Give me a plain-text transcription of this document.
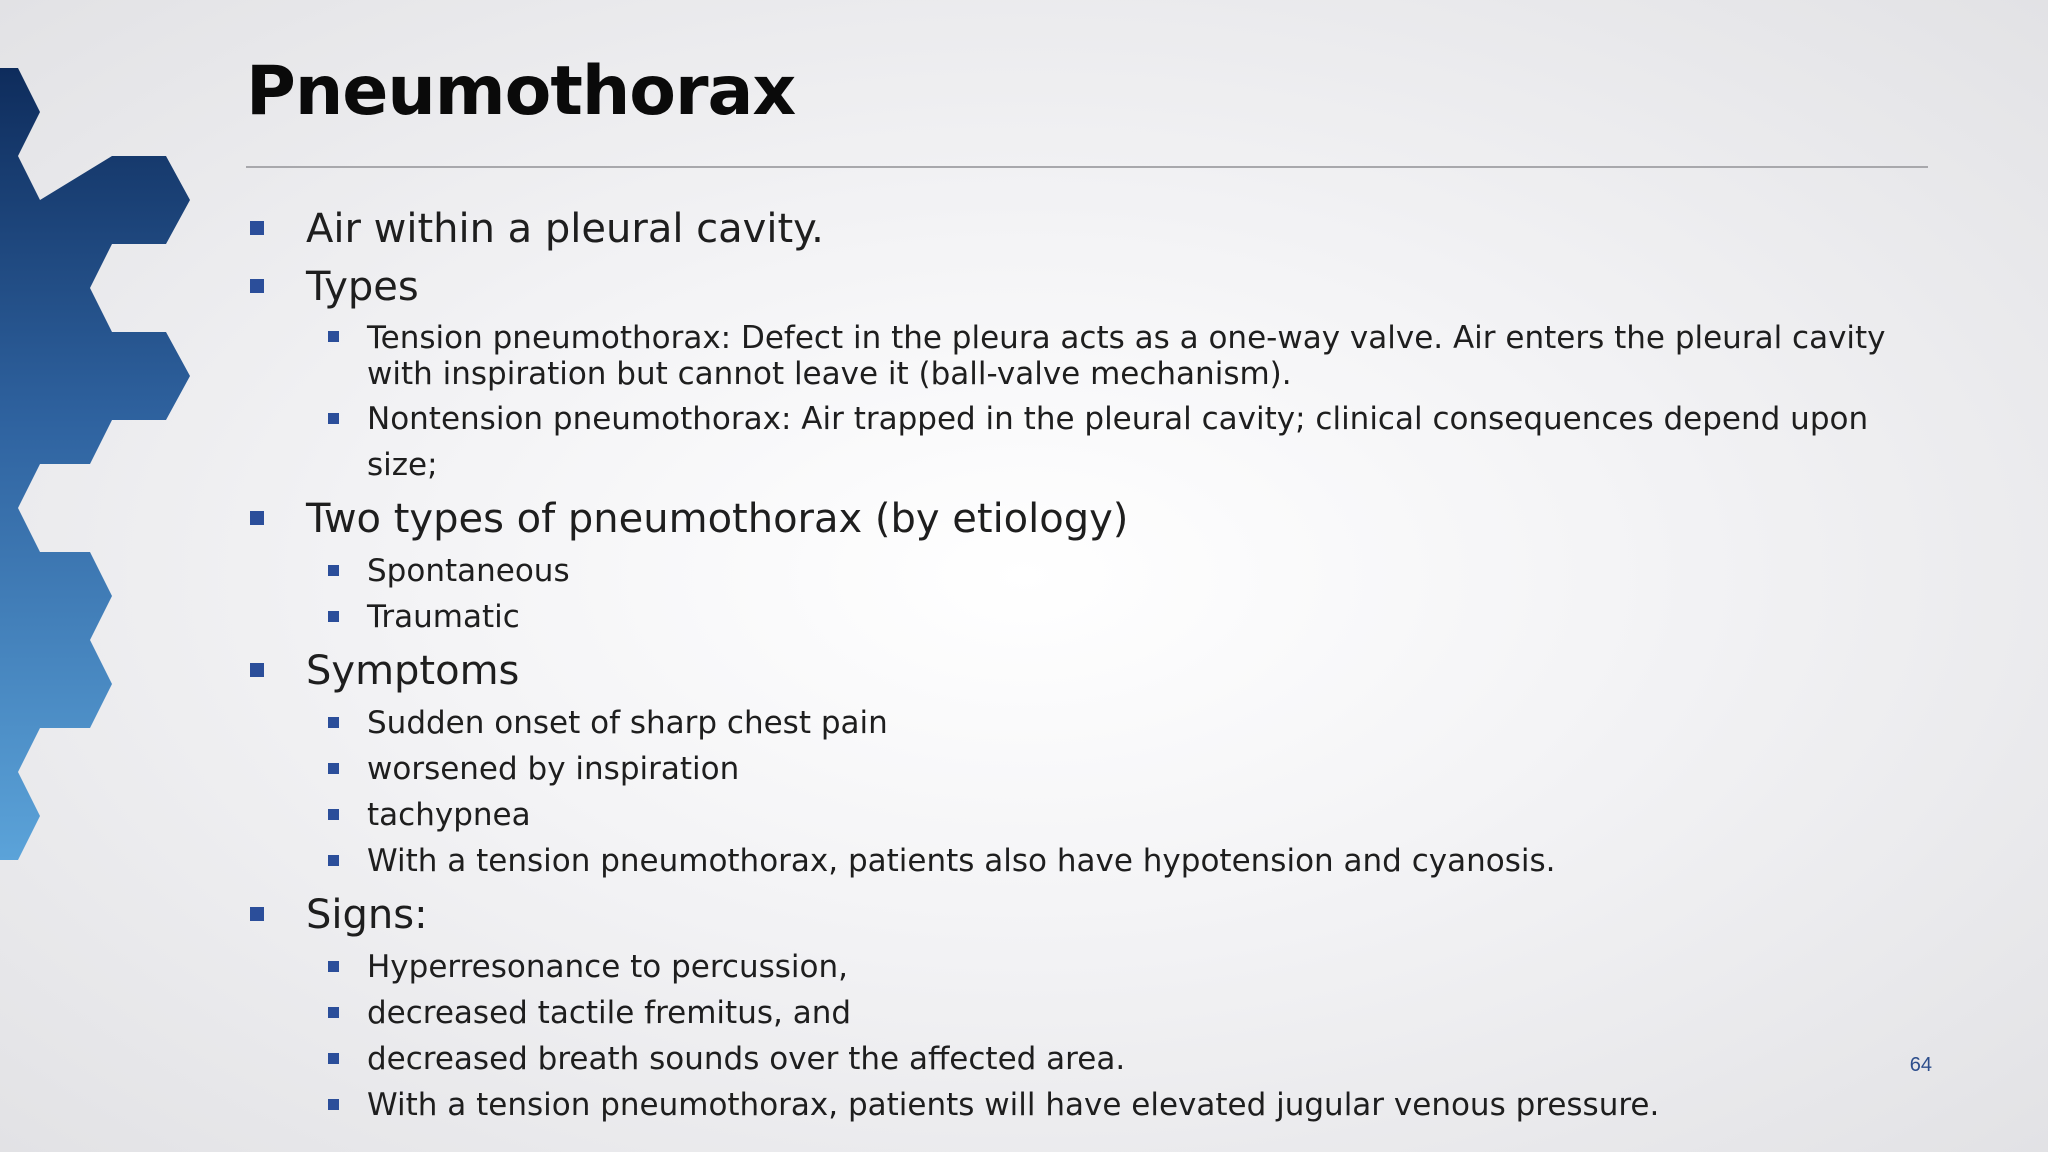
Pneumothorax
Air within a pleural cavity.
Types
Tension pneumothorax: Defect in the pleura acts as a one-way valve. Air enters the pleural cavity with inspiration but cannot leave it (ball-valve mechanism).
Nontension pneumothorax: Air trapped in the pleural cavity; clinical consequences depend upon size;
Two types of pneumothorax (by etiology)
Spontaneous
Traumatic
Symptoms
Sudden onset of sharp chest pain
worsened by inspiration
tachypnea
With a tension pneumothorax, patients also have hypotension and cyanosis.
Signs:
Hyperresonance to percussion,
decreased tactile fremitus, and
decreased breath sounds over the affected area.
With a tension pneumothorax, patients will have elevated jugular venous pressure.
64
